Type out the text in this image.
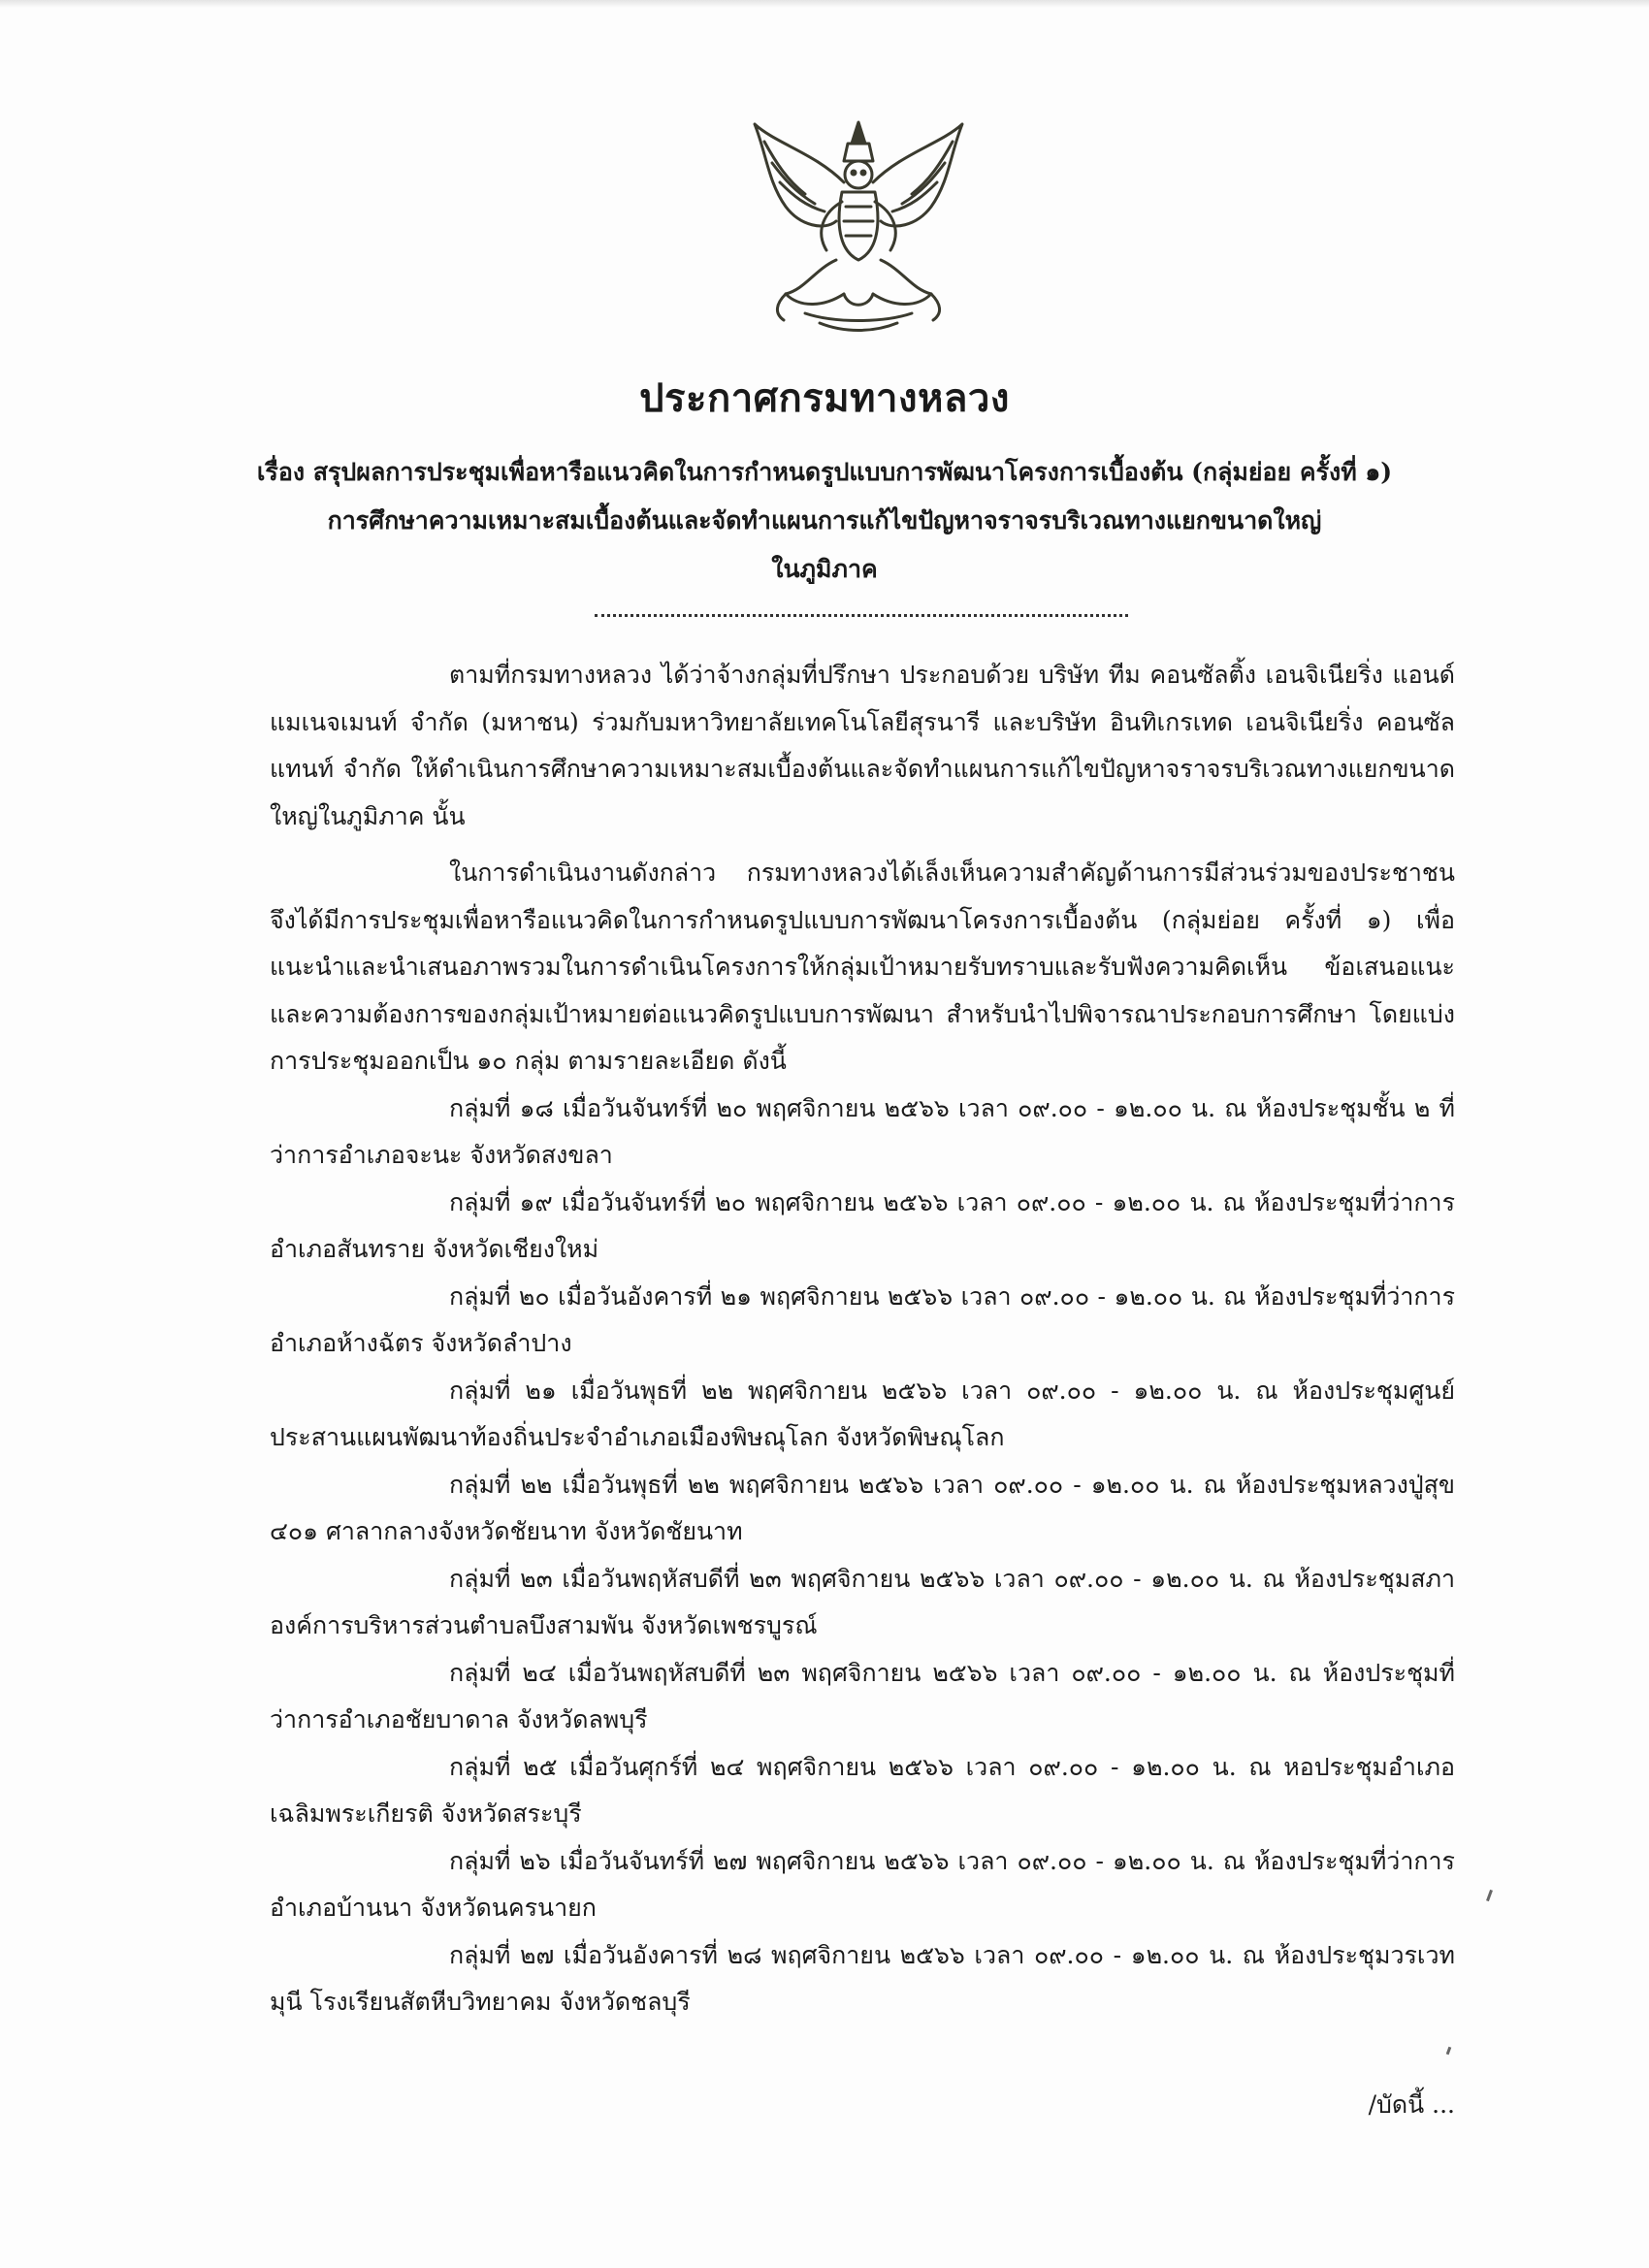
ประกาศกรมทางหลวง
เรื่อง สรุปผลการประชุมเพื่อหารือแนวคิดในการกำหนดรูปแบบการพัฒนาโครงการเบื้องต้น (กลุ่มย่อย ครั้งที่ ๑)
การศึกษาความเหมาะสมเบื้องต้นและจัดทำแผนการแก้ไขปัญหาจราจรบริเวณทางแยกขนาดใหญ่
ในภูมิภาค

ตามที่กรมทางหลวง ได้ว่าจ้างกลุ่มที่ปรึกษา ประกอบด้วย บริษัท ทีม คอนซัลติ้ง เอนจิเนียริ่ง แอนด์ แมเนจเมนท์ จำกัด (มหาชน) ร่วมกับมหาวิทยาลัยเทคโนโลยีสุรนารี และบริษัท อินทิเกรเทด เอนจิเนียริ่ง คอนซัลแทนท์ จำกัด ให้ดำเนินการศึกษาความเหมาะสมเบื้องต้นและจัดทำแผนการแก้ไขปัญหาจราจรบริเวณทางแยกขนาดใหญ่ในภูมิภาค นั้น

ในการดำเนินงานดังกล่าว กรมทางหลวงได้เล็งเห็นความสำคัญด้านการมีส่วนร่วมของประชาชน จึงได้มีการประชุมเพื่อหารือแนวคิดในการกำหนดรูปแบบการพัฒนาโครงการเบื้องต้น (กลุ่มย่อย ครั้งที่ ๑) เพื่อแนะนำและนำเสนอภาพรวมในการดำเนินโครงการให้กลุ่มเป้าหมายรับทราบและรับฟังความคิดเห็น ข้อเสนอแนะ และความต้องการของกลุ่มเป้าหมายต่อแนวคิดรูปแบบการพัฒนา สำหรับนำไปพิจารณาประกอบการศึกษา โดยแบ่งการประชุมออกเป็น ๑๐ กลุ่ม ตามรายละเอียด ดังนี้

กลุ่มที่ ๑๘ เมื่อวันจันทร์ที่ ๒๐ พฤศจิกายน ๒๕๖๖ เวลา ๐๙.๐๐ - ๑๒.๐๐ น. ณ ห้องประชุมชั้น ๒ ที่ว่าการอำเภอจะนะ จังหวัดสงขลา

กลุ่มที่ ๑๙ เมื่อวันจันทร์ที่ ๒๐ พฤศจิกายน ๒๕๖๖ เวลา ๐๙.๐๐ - ๑๒.๐๐ น. ณ ห้องประชุมที่ว่าการอำเภอสันทราย จังหวัดเชียงใหม่

กลุ่มที่ ๒๐ เมื่อวันอังคารที่ ๒๑ พฤศจิกายน ๒๕๖๖ เวลา ๐๙.๐๐ - ๑๒.๐๐ น. ณ ห้องประชุมที่ว่าการอำเภอห้างฉัตร จังหวัดลำปาง

กลุ่มที่ ๒๑ เมื่อวันพุธที่ ๒๒ พฤศจิกายน ๒๕๖๖ เวลา ๐๙.๐๐ - ๑๒.๐๐ น. ณ ห้องประชุมศูนย์ประสานแผนพัฒนาท้องถิ่นประจำอำเภอเมืองพิษณุโลก จังหวัดพิษณุโลก

กลุ่มที่ ๒๒ เมื่อวันพุธที่ ๒๒ พฤศจิกายน ๒๕๖๖ เวลา ๐๙.๐๐ - ๑๒.๐๐ น. ณ ห้องประชุมหลวงปู่สุข ๔๐๑ ศาลากลางจังหวัดชัยนาท จังหวัดชัยนาท

กลุ่มที่ ๒๓ เมื่อวันพฤหัสบดีที่ ๒๓ พฤศจิกายน ๒๕๖๖ เวลา ๐๙.๐๐ - ๑๒.๐๐ น. ณ ห้องประชุมสภาองค์การบริหารส่วนตำบลบึงสามพัน จังหวัดเพชรบูรณ์

กลุ่มที่ ๒๔ เมื่อวันพฤหัสบดีที่ ๒๓ พฤศจิกายน ๒๕๖๖ เวลา ๐๙.๐๐ - ๑๒.๐๐ น. ณ ห้องประชุมที่ว่าการอำเภอชัยบาดาล จังหวัดลพบุรี

กลุ่มที่ ๒๕ เมื่อวันศุกร์ที่ ๒๔ พฤศจิกายน ๒๕๖๖ เวลา ๐๙.๐๐ - ๑๒.๐๐ น. ณ หอประชุมอำเภอเฉลิมพระเกียรติ จังหวัดสระบุรี

กลุ่มที่ ๒๖ เมื่อวันจันทร์ที่ ๒๗ พฤศจิกายน ๒๕๖๖ เวลา ๐๙.๐๐ - ๑๒.๐๐ น. ณ ห้องประชุมที่ว่าการอำเภอบ้านนา จังหวัดนครนายก

กลุ่มที่ ๒๗ เมื่อวันอังคารที่ ๒๘ พฤศจิกายน ๒๕๖๖ เวลา ๐๙.๐๐ - ๑๒.๐๐ น. ณ ห้องประชุมวรเวทมุนี โรงเรียนสัตหีบวิทยาคม จังหวัดชลบุรี

/บัดนี้ ...
